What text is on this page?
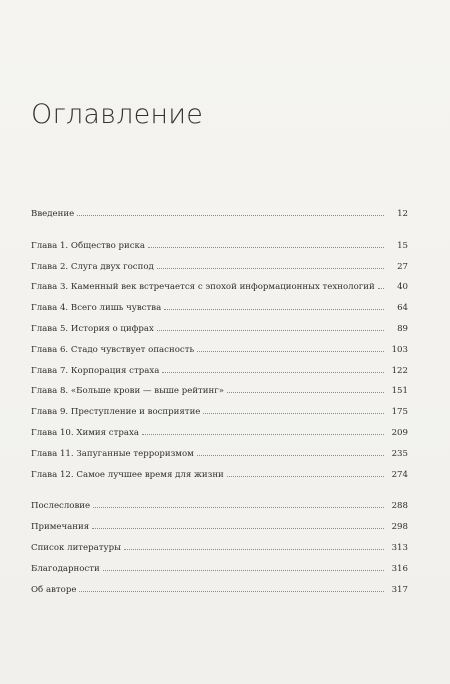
Оглавление
Введение	12
Глава 1. Общество риска	15
Глава 2. Слуга двух господ	27
Глава 3. Каменный век встречается с эпохой информационных технологий	40
Глава 4. Всего лишь чувства	64
Глава 5. История о цифрах	89
Глава 6. Стадо чувствует опасность	103
Глава 7. Корпорация страха	122
Глава 8. «Больше крови — выше рейтинг»	151
Глава 9. Преступление и восприятие	175
Глава 10. Химия страха	209
Глава 11. Запуганные терроризмом	235
Глава 12. Самое лучшее время для жизни	274
Послесловие	288
Примечания	298
Список литературы	313
Благодарности	316
Об авторе	317
